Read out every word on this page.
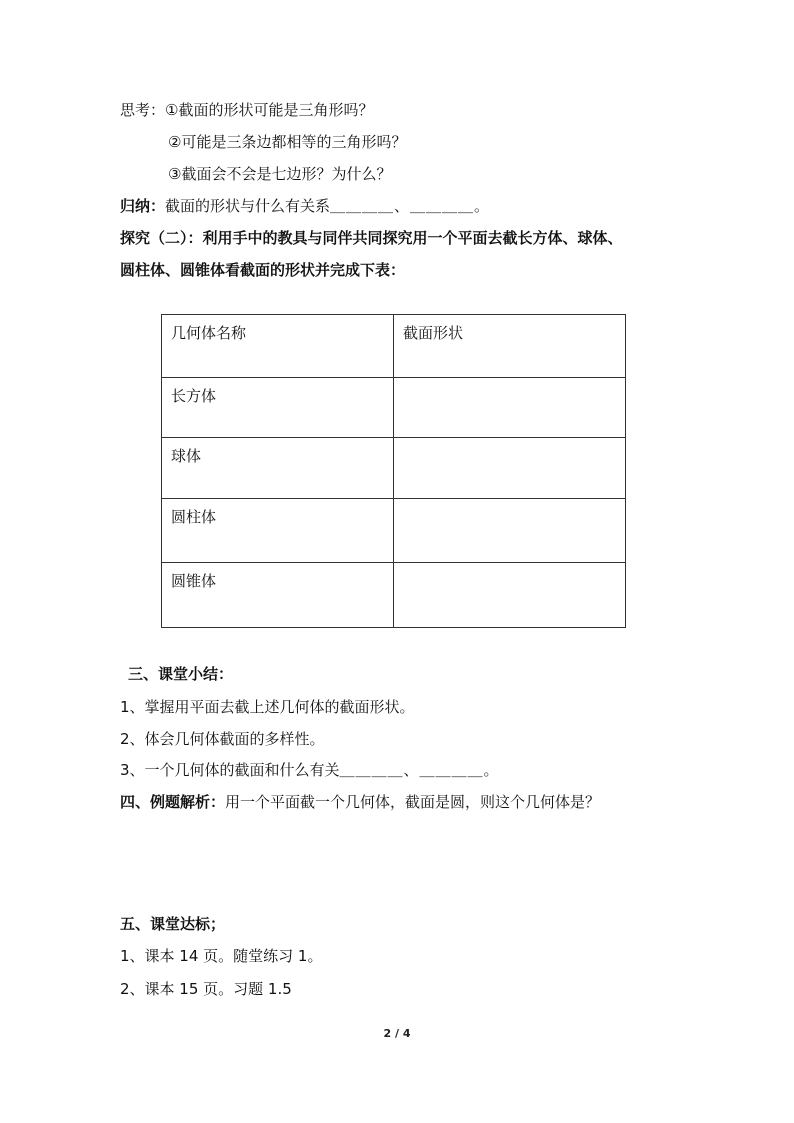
思考：①截面的形状可能是三角形吗？
②可能是三条边都相等的三角形吗？
③截面会不会是七边形？为什么？
归纳：截面的形状与什么有关系＿＿＿＿、＿＿＿＿。
探究（二）：利用手中的教具与同伴共同探究用一个平面去截长方体、球体、
圆柱体、圆锥体看截面的形状并完成下表：
几何体名称	截面形状
长方体	
球体	
圆柱体	
圆锥体	
三、课堂小结：
1、掌握用平面去截上述几何体的截面形状。
2、体会几何体截面的多样性。
3、一个几何体的截面和什么有关＿＿＿＿、＿＿＿＿。
四、例题解析：用一个平面截一个几何体，截面是圆，则这个几何体是？
五、课堂达标；
1、课本 14 页。随堂练习 1。
2、课本 15 页。习题 1.5
2 / 4
